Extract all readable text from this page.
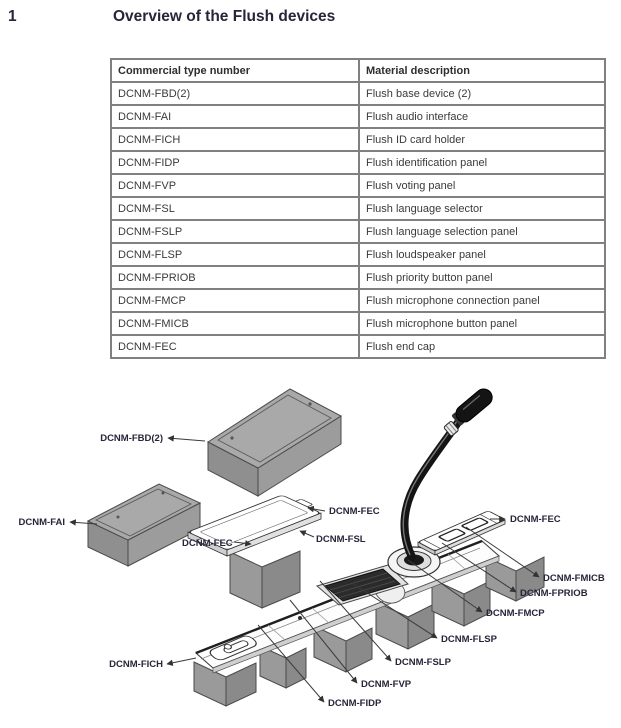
1	Overview of the Flush devices
Commercial type number	Material description
DCNM-FBD(2)	Flush base device (2)
DCNM-FAI	Flush audio interface
DCNM-FICH	Flush ID card holder
DCNM-FIDP	Flush identification panel
DCNM-FVP	Flush voting panel
DCNM-FSL	Flush language selector
DCNM-FSLP	Flush language selection panel
DCNM-FLSP	Flush loudspeaker panel
DCNM-FPRIOB	Flush priority button panel
DCNM-FMCP	Flush microphone connection panel
DCNM-FMICB	Flush microphone button panel
DCNM-FEC	Flush end cap
DCNM-FBD(2)
DCNM-FAI
DCNM-FICH
DCNM-FEC
DCNM-FEC
DCNM-FSL
DCNM-FEC
DCNM-FMICB
DCNM-FPRIOB
DCNM-FMCP
DCNM-FLSP
DCNM-FSLP
DCNM-FVP
DCNM-FIDP
